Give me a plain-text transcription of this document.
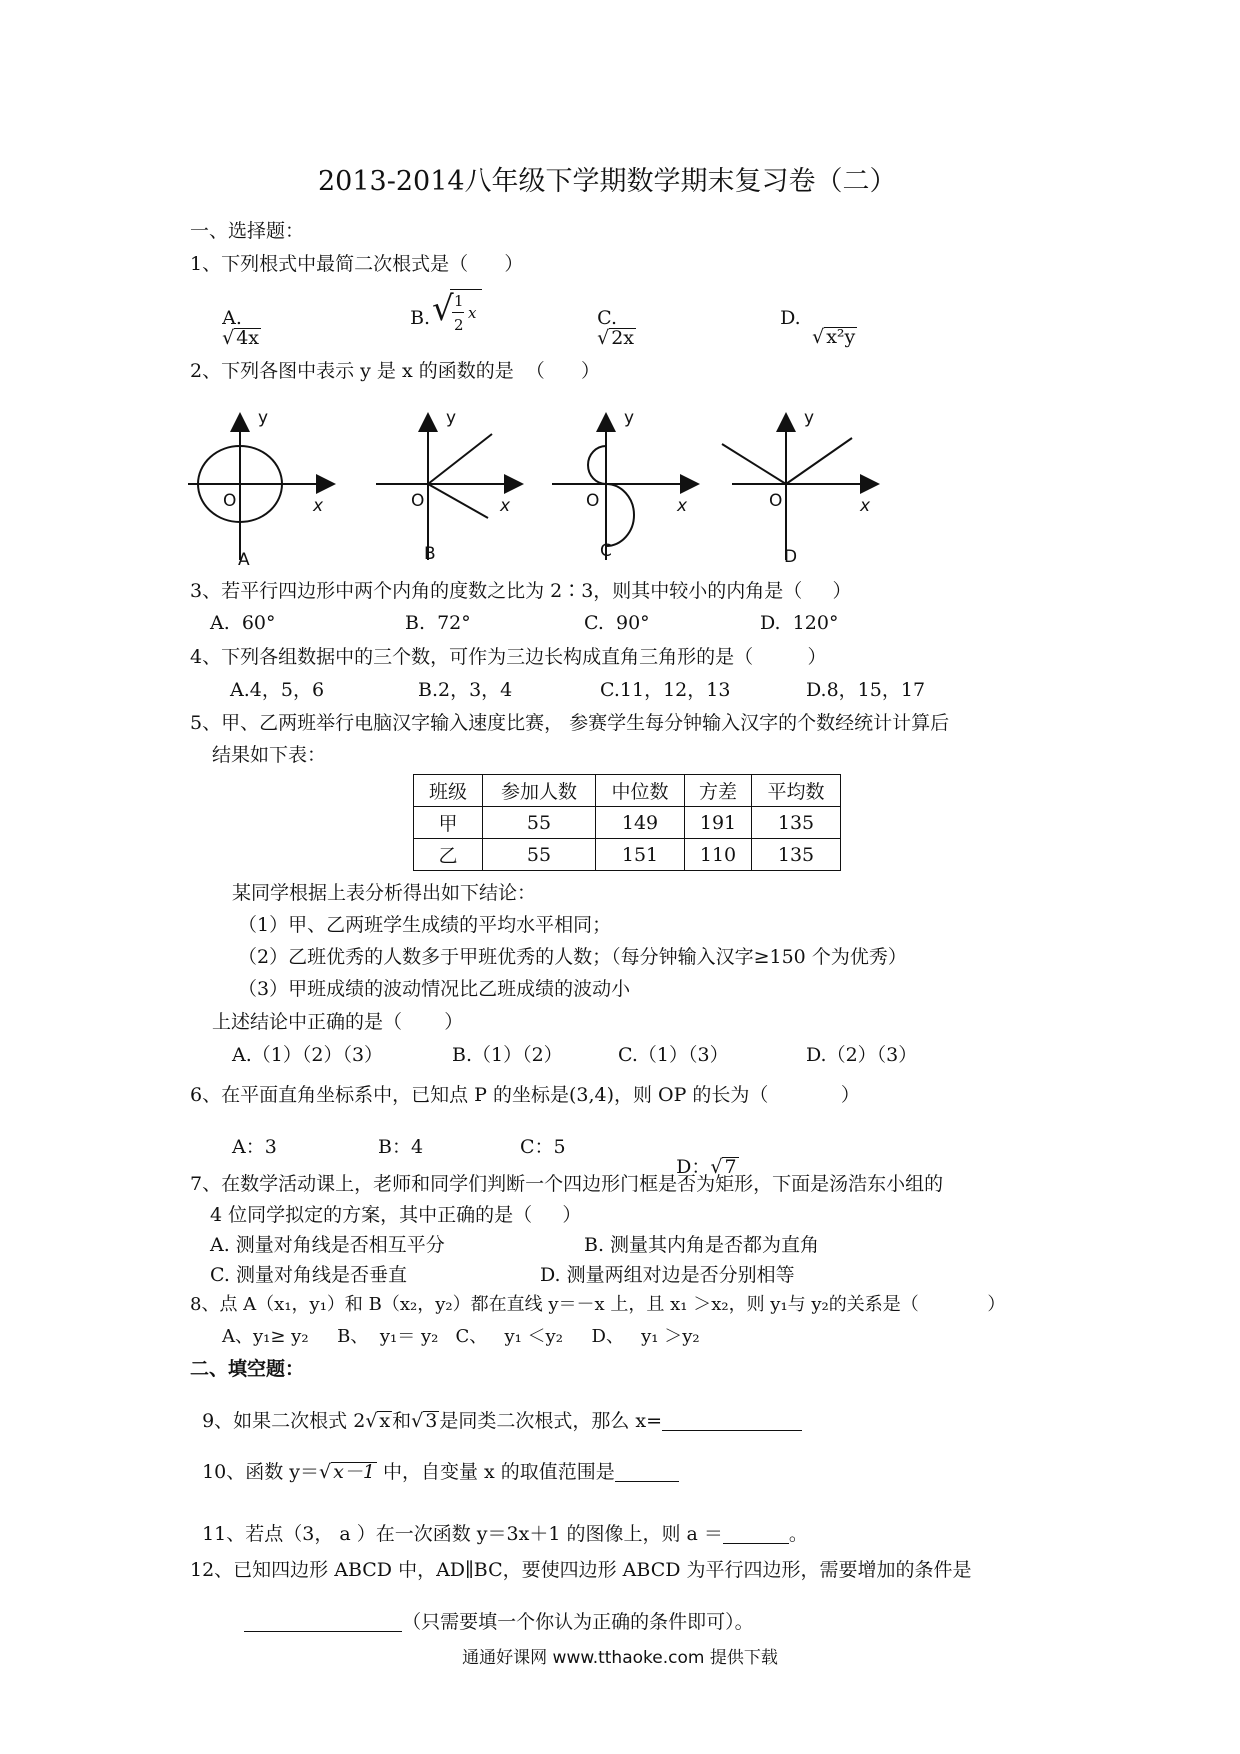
2013-2014八年级下学期数学期末复习卷（二）
一、选择题：
1、下列根式中最简二次根式是（      ）

A.
√ 4x

B. √ 1
2
x	C.
√ 2x

D.

√ x²y

2、下列各图中表示 y 是 x 的函数的是  （      ）
y
O	x
A
y
O	x
B
y
O	x
C
y
O	x
D
3、若平行四边形中两个内角的度数之比为 2∶3，则其中较小的内角是（     ）
A.  60°	B.  72°	C.  90°	D.  120°
4、下列各组数据中的三个数，可作为三边长构成直角三角形的是（         ）
A.4，5，6	B.2，3，4	C.11，12，13	D.8，15，17
5、甲、乙两班举行电脑汉字输入速度比赛， 参赛学生每分钟输入汉字的个数经统计计算后
结果如下表：
班级	参加人数	中位数	方差	平均数
甲	55	149	191	135
乙	55	151	110	135
某同学根据上表分析得出如下结论：
（1）甲、乙两班学生成绩的平均水平相同；
（2）乙班优秀的人数多于甲班优秀的人数；（每分钟输入汉字≥150 个为优秀）
（3）甲班成绩的波动情况比乙班成绩的波动小
上述结论中正确的是（       ）
A.（1）（2）（3）	B.（1）（2）	C.（1）（3）	D.（2）（3）
6、在平面直角坐标系中，已知点 P 的坐标是(3,4)，则 OP 的长为（            ）
A：3	B：4	C：5

D：√ 7

7、在数学活动课上，老师和同学们判断一个四边形门框是否为矩形，下面是汤浩东小组的
4 位同学拟定的方案，其中正确的是（     ）
A. 测量对角线是否相互平分	B. 测量其内角是否都为直角
C. 测量对角线是否垂直	D. 测量两组对边是否分别相等
8、点 A（x₁，y₁）和 B（x₂，y₂）都在直线 y＝－x 上，且 x₁ ＞x₂，则 y₁与 y₂的关系是（            ）
A、y₁≥ y₂     B、  y₁＝ y₂   C、   y₁ ＜y₂     D、   y₁ ＞y₂
二、填空题：

9、如果二次根式 2√ x 和√ 3 是同类二次根式，那么 x=

10、函数 y＝√ x－1 中，自变量 x 的取值范围是

11、若点（3， a ）在一次函数 y＝3x＋1 的图像上，则 a ＝	。

12、已知四边形 ABCD 中，AD∥BC，要使四边形 ABCD 为平行四边形，需要增加的条件是

（只需要填一个你认为正确的条件即可）。

通通好课网 www.tthaoke.com 提供下载
